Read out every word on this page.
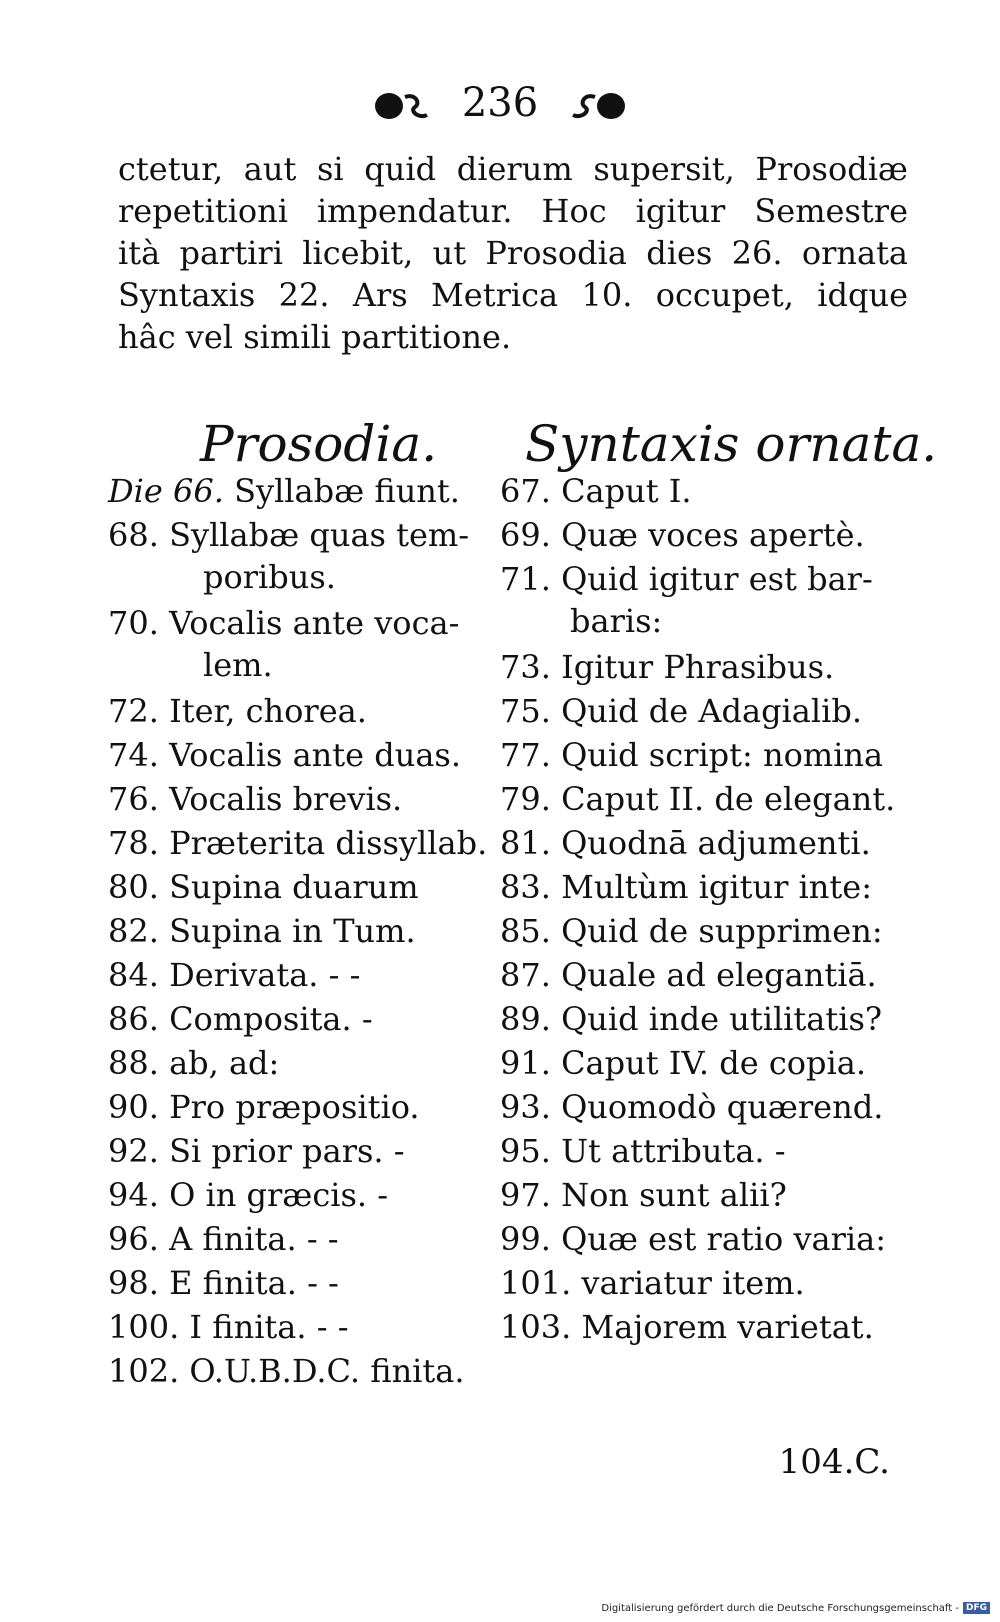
236
ctetur, aut si quid dierum supersit, Prosodiæ
repetitioni impendatur. Hoc igitur Semestre
ità partiri licebit, ut Prosodia dies 26. ornata
Syntaxis 22. Ars Metrica 10. occupet, idque
hâc vel simili partitione.
Prosodia. Syntaxis ornata.
Die 66. Syllabæ fiunt.
68. Syllabæ quas tem-
poribus.
70. Vocalis ante voca-
lem.
72. Iter, chorea.
74. Vocalis ante duas.
76. Vocalis brevis.
78. Præterita dissyllab.
80. Supina duarum
82. Supina in Tum.
84. Derivata. - -
86. Composita. -
88. ab, ad:
90. Pro præpositio.
92. Si prior pars. -
94. O in græcis. -
96. A finita. - -
98. E finita. - -
100. I finita. - -
102. O.U.B.D.C. finita.
67. Caput I.
69. Quæ voces apertè.
71. Quid igitur est bar-
baris:
73. Igitur Phrasibus.
75. Quid de Adagialib.
77. Quid script: nomina
79. Caput II. de elegant.
81. Quodnā adjumenti.
83. Multùm igitur inte:
85. Quid de supprimen:
87. Quale ad elegantiā.
89. Quid inde utilitatis?
91. Caput IV. de copia.
93. Quomodò quærend.
95. Ut attributa. -
97. Non sunt alii?
99. Quæ est ratio varia:
101. variatur item.
103. Majorem varietat.
104.C.
Digitalisierung gefördert durch die Deutsche Forschungsgemeinschaft - DFG
